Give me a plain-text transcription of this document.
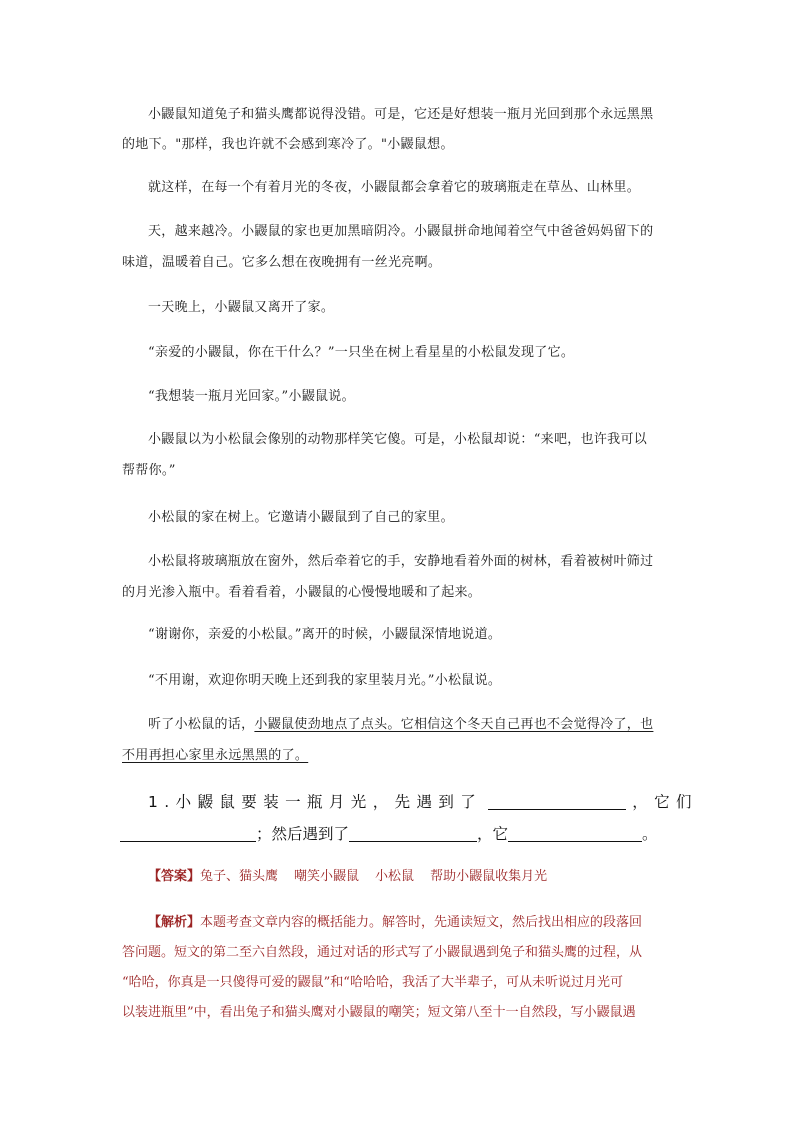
小鼹鼠知道兔子和猫头鹰都说得没错。可是，它还是好想装一瓶月光回到那个永远黑黑

的地下。"那样，我也许就不会感到寒冷了。"小鼹鼠想。

就这样，在每一个有着月光的冬夜，小鼹鼠都会拿着它的玻璃瓶走在草丛、山林里。

天，越来越冷。小鼹鼠的家也更加黑暗阴冷。小鼹鼠拼命地闻着空气中爸爸妈妈留下的

味道，温暖着自己。它多么想在夜晚拥有一丝光亮啊。

一天晚上，小鼹鼠又离开了家。

“亲爱的小鼹鼠，你在干什么？”一只坐在树上看星星的小松鼠发现了它。

“我想装一瓶月光回家。”小鼹鼠说。

小鼹鼠以为小松鼠会像别的动物那样笑它傻。可是，小松鼠却说：“来吧，也许我可以

帮帮你。”

小松鼠的家在树上。它邀请小鼹鼠到了自己的家里。

小松鼠将玻璃瓶放在窗外，然后牵着它的手，安静地看着外面的树林，看着被树叶筛过

的月光渗入瓶中。看着看着，小鼹鼠的心慢慢地暖和了起来。

“谢谢你，亲爱的小松鼠。”离开的时候，小鼹鼠深情地说道。

“不用谢，欢迎你明天晚上还到我的家里装月光。”小松鼠说。

听了小松鼠的话，小鼹鼠使劲地点了点头。它相信这个冬天自己再也不会觉得冷了，也

不用再担心家里永远黑黑的了。

1.小鼹鼠要装一瓶月光，先遇到了	，它们
；然后遇到了	，它	。
【答案】兔子、猫头鹰 嘲笑小鼹鼠 小松鼠 帮助小鼹鼠收集月光
【解析】本题考查文章内容的概括能力。解答时，先通读短文，然后找出相应的段落回
答问题。短文的第二至六自然段，通过对话的形式写了小鼹鼠遇到兔子和猫头鹰的过程，从
“哈哈，你真是一只傻得可爱的鼹鼠”和“哈哈哈，我活了大半辈子，可从未听说过月光可
以装进瓶里”中，看出兔子和猫头鹰对小鼹鼠的嘲笑；短文第八至十一自然段，写小鼹鼠遇
